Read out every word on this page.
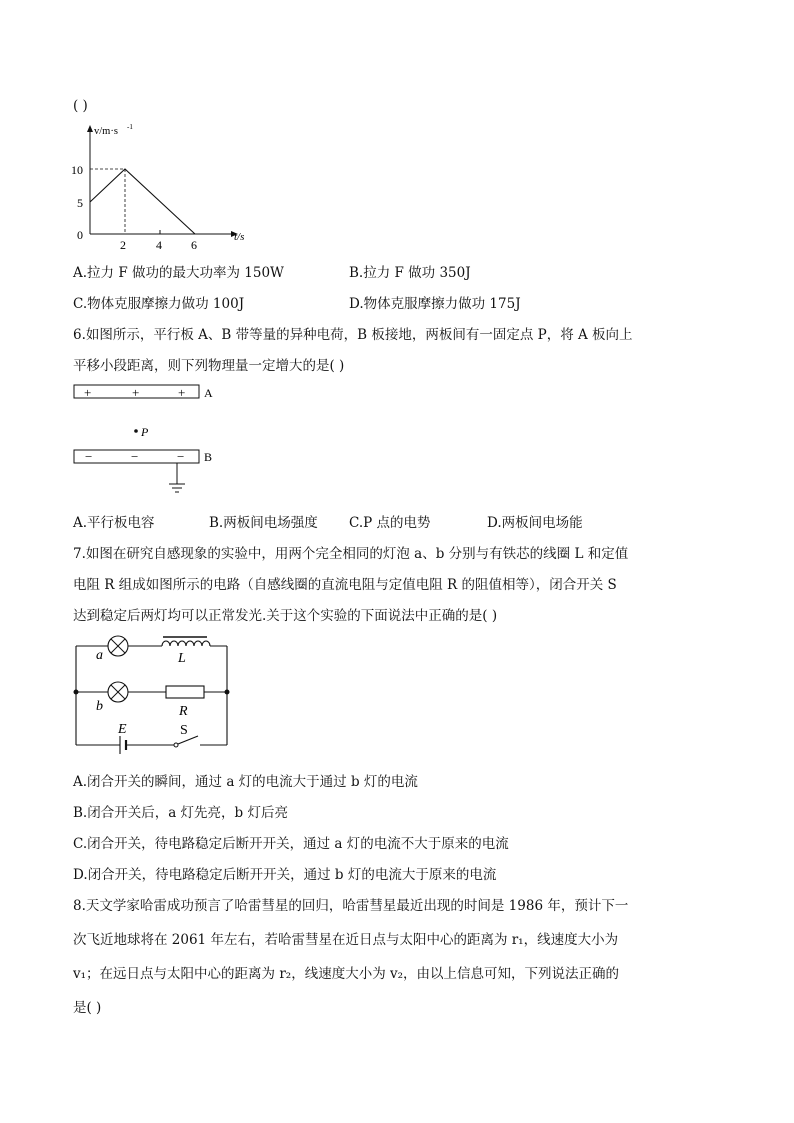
( )
v/m·s -1
t/s
10
5
0
2	4 6
A.拉力 F 做功的最大功率为 150W	B.拉力 F 做功 350J
C.物体克服摩擦力做功 100J	D.物体克服摩擦力做功 175J
6.如图所示，平行板 A、B 带等量的异种电荷，B 板接地，两板间有一固定点 P，将 A 板向上
平移小段距离，则下列物理量一定增大的是( )
+	+	+ A
P
−	−	− B
A.平行板电容	B.两板间电场强度 C.P 点的电势	D.两板间电场能
7.如图在研究自感现象的实验中，用两个完全相同的灯泡 a、b 分别与有铁芯的线圈 L 和定值
电阻 R 组成如图所示的电路（自感线圈的直流电阻与定值电阻 R 的阻值相等），闭合开关 S
达到稳定后两灯均可以正常发光.关于这个实验的下面说法中正确的是( )
a	L
b	R
E	S
A.闭合开关的瞬间，通过 a 灯的电流大于通过 b 灯的电流
B.闭合开关后，a 灯先亮，b 灯后亮
C.闭合开关，待电路稳定后断开开关，通过 a 灯的电流不大于原来的电流
D.闭合开关，待电路稳定后断开开关，通过 b 灯的电流大于原来的电流
8.天文学家哈雷成功预言了哈雷彗星的回归，哈雷彗星最近出现的时间是 1986 年，预计下一
次飞近地球将在 2061 年左右，若哈雷彗星在近日点与太阳中心的距离为 r₁，线速度大小为
v₁；在远日点与太阳中心的距离为 r₂，线速度大小为 v₂，由以上信息可知，下列说法正确的
是( )
